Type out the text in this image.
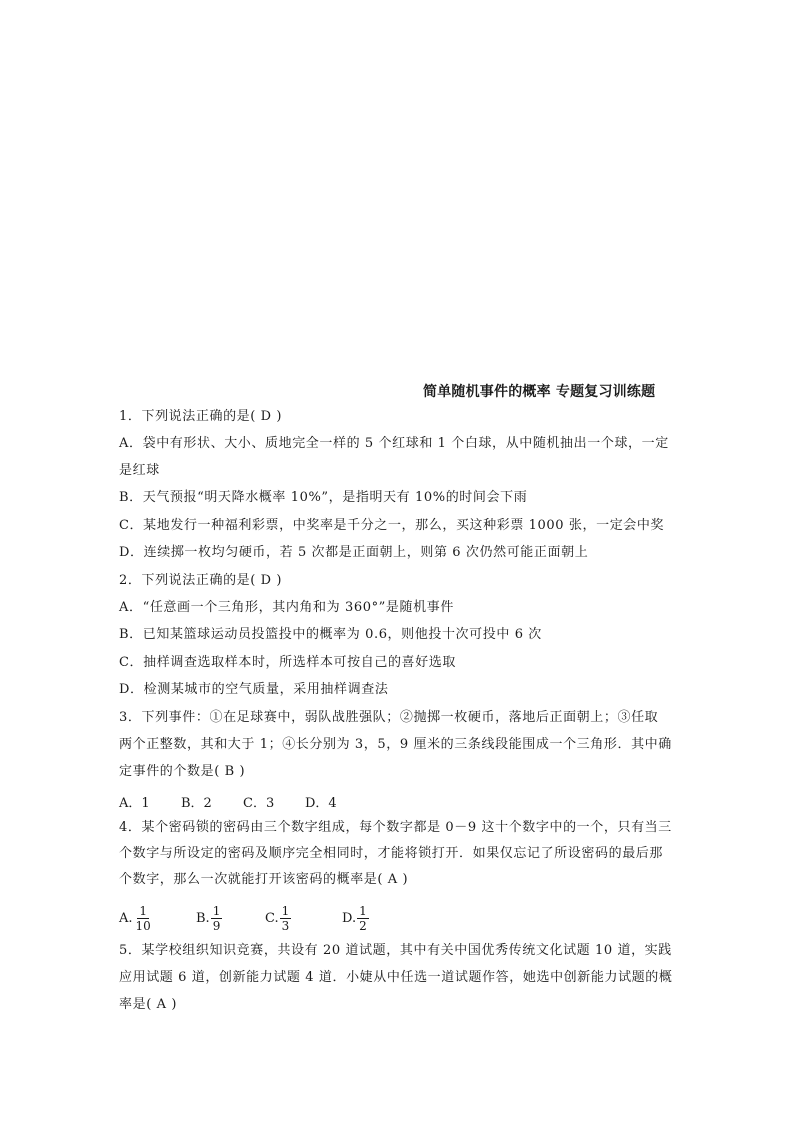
简单随机事件的概率 专题复习训练题
1．下列说法正确的是( D )
A．袋中有形状、大小、质地完全一样的 5 个红球和 1 个白球，从中随机抽出一个球，一定
是红球
B．天气预报“明天降水概率 10%”，是指明天有 10%的时间会下雨
C．某地发行一种福利彩票，中奖率是千分之一，那么，买这种彩票 1000 张，一定会中奖
D．连续掷一枚均匀硬币，若 5 次都是正面朝上，则第 6 次仍然可能正面朝上
2．下列说法正确的是( D )
A．“任意画一个三角形，其内角和为 360°”是随机事件
B．已知某篮球运动员投篮投中的概率为 0.6，则他投十次可投中 6 次
C．抽样调查选取样本时，所选样本可按自己的喜好选取
D．检测某城市的空气质量，采用抽样调查法
3．下列事件：①在足球赛中，弱队战胜强队；②抛掷一枚硬币，落地后正面朝上；③任取
两个正整数，其和大于 1；④长分别为 3，5，9 厘米的三条线段能围成一个三角形．其中确
定事件的个数是( B )
A．1 B．2 C．3 D．4
4．某个密码锁的密码由三个数字组成，每个数字都是 0－9 这十个数字中的一个，只有当三
个数字与所设定的密码及顺序完全相同时，才能将锁打开．如果仅忘记了所设密码的最后那
个数字，那么一次就能打开该密码的概率是( A )
A. $\frac{1}{10}$	B. $\frac{1}{9}$	C. $\frac{1}{3}$	D. $\frac{1}{2}$
5．某学校组织知识竞赛，共设有 20 道试题，其中有关中国优秀传统文化试题 10 道，实践
应用试题 6 道，创新能力试题 4 道．小婕从中任选一道试题作答，她选中创新能力试题的概
率是( A )
